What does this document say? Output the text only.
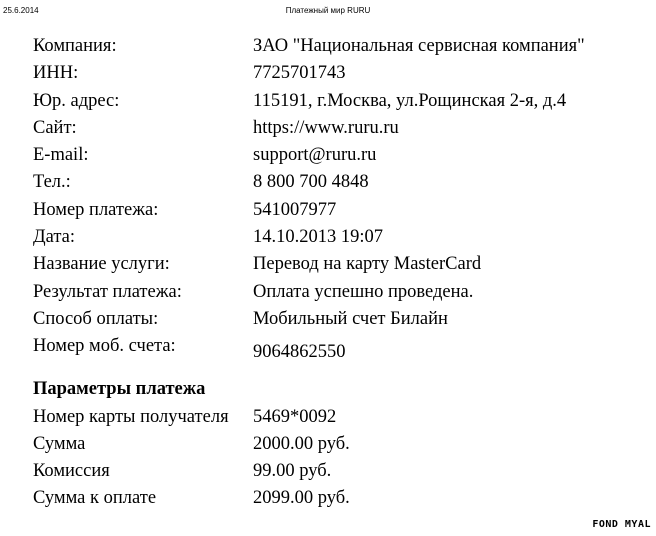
25.6.2014	Платежный мир RURU
Компания:	ЗАО "Национальная сервисная компания"
ИНН:	7725701743
Юр. адрес:	115191, г.Москва, ул.Рощинская 2-я, д.4
Сайт:	https://www.ruru.ru
E-mail:	support@ruru.ru
Тел.:	8 800 700 4848
Номер платежа:	541007977
Дата:	14.10.2013 19:07
Название услуги:	Перевод на карту MasterCard
Результат платежа:	Оплата успешно проведена.
Способ оплаты:	Мобильный счет Билайн
Номер моб. счета:	9064862550
Параметры платежа
Номер карты получателя 5469*0092
Сумма	2000.00 руб.
Комиссия	99.00 руб.
Сумма к оплате	2099.00 руб.
FOND MYAL
